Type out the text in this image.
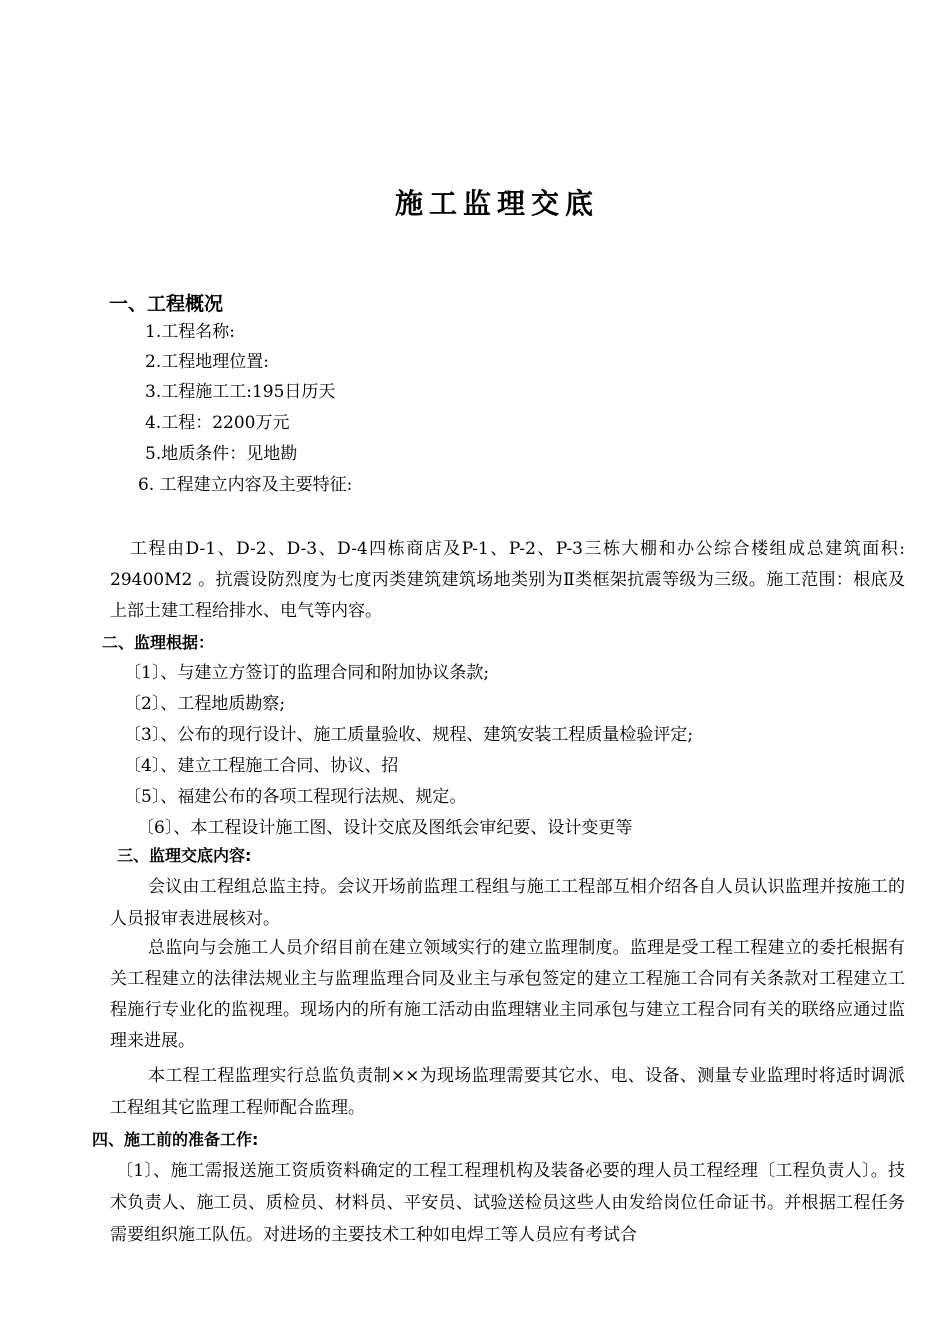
施工监理交底
一、工程概况
1.工程名称:
2.工程地理位置:
3.工程施工工:195日历天
4.工程：2200万元
5.地质条件：见地勘
6. 工程建立内容及主要特征:
工程由D-1、D-2、D-3、D-4四栋商店及P-1、P-2、P-3三栋大棚和办公综合楼组成总建筑面积: 29400M2 。抗震设防烈度为七度丙类建筑建筑场地类别为Ⅱ类框架抗震等级为三级。施工范围：根底及上部土建工程给排水、电气等内容。
二、监理根据：
〔1〕、与建立方签订的监理合同和附加协议条款;
〔2〕、工程地质勘察;
〔3〕、公布的现行设计、施工质量验收、规程、建筑安装工程质量检验评定;
〔4〕、建立工程施工合同、协议、招
〔5〕、福建公布的各项工程现行法规、规定。
〔6〕、本工程设计施工图、设计交底及图纸会审纪要、设计变更等
三、监理交底内容:
会议由工程组总监主持。会议开场前监理工程组与施工工程部互相介绍各自人员认识监理并按施工的人员报审表进展核对。
总监向与会施工人员介绍目前在建立领域实行的建立监理制度。监理是受工程工程建立的委托根据有关工程建立的法律法规业主与监理监理合同及业主与承包签定的建立工程施工合同有关条款对工程建立工程施行专业化的监视理。现场内的所有施工活动由监理辖业主同承包与建立工程合同有关的联络应通过监理来进展。
本工程工程监理实行总监负责制××为现场监理需要其它水、电、设备、测量专业监理时将适时调派工程组其它监理工程师配合监理。
四、施工前的准备工作:
〔1〕、施工需报送施工资质资料确定的工程工程理机构及装备必要的理人员工程经理〔工程负责人〕。技术负责人、施工员、质检员、材料员、平安员、试验送检员这些人由发给岗位任命证书。并根据工程任务需要组织施工队伍。对进场的主要技术工种如电焊工等人员应有考试合
